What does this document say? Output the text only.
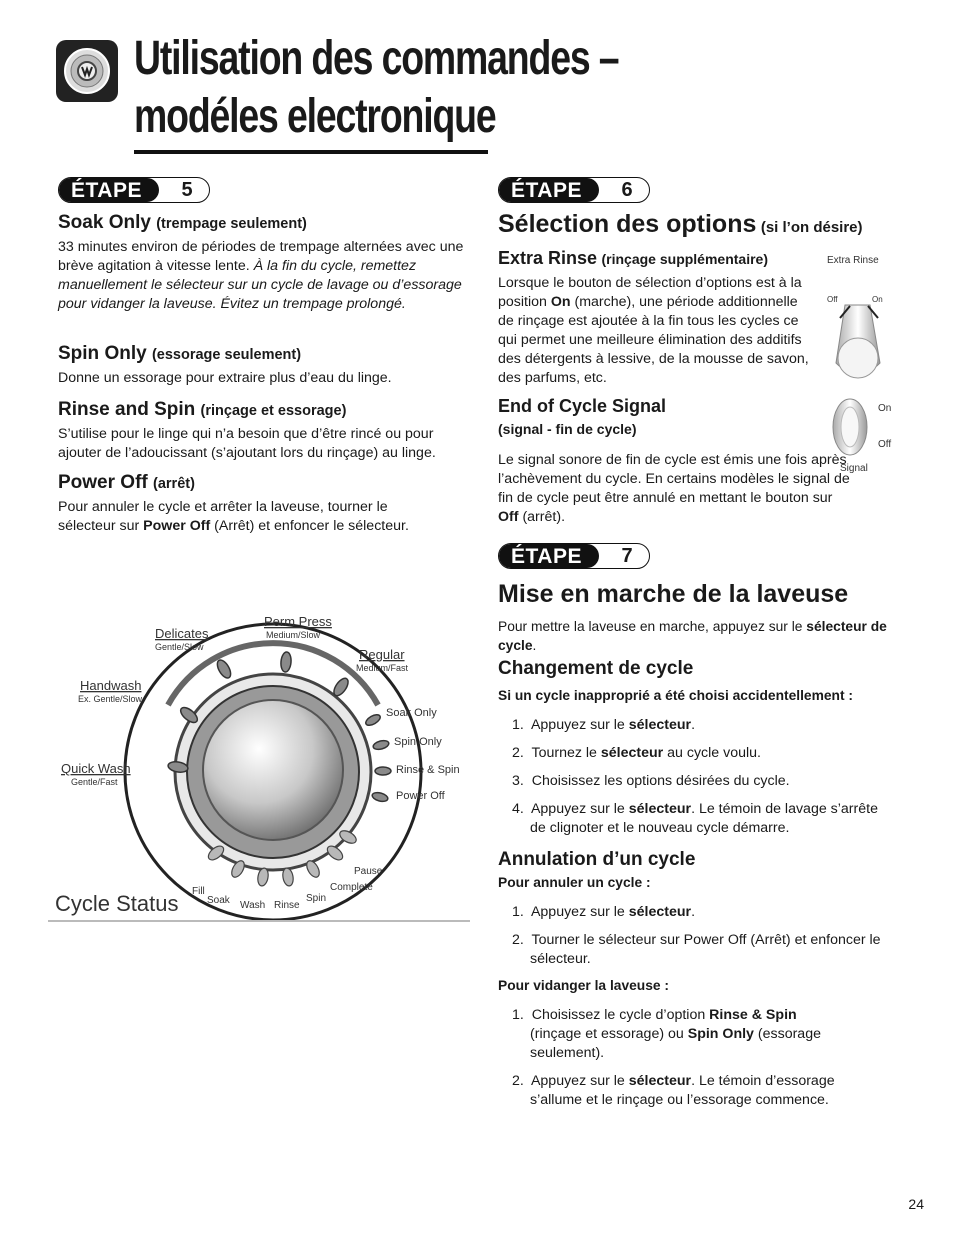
Utilisation des commandes –
modéles electronique
ÉTAPE	5
Soak Only (trempage seulement)

33 minutes environ de périodes de trempage alternées avec une brève agitation à vitesse lente. À la fin du cycle, remettez manuellement le sélecteur sur un cycle de lavage ou d’essorage pour vidanger la laveuse. Évitez un trempage prolongé.

Spin Only (essorage seulement)

Donne un essorage pour extraire plus d’eau du linge.

Rinse and Spin (rinçage et essorage)

S’utilise pour le linge qui n’a besoin que d’être rincé ou pour ajouter de l’adoucissant (s’ajoutant lors du rinçage) au linge.

Power Off (arrêt)

Pour annuler le cycle et arrêter la laveuse, tourner le sélecteur sur Power Off (Arrêt) et enfoncer le sélecteur.

Delicates
Gentle/Slow
Perm Press
Medium/Slow
Regular
Medium/Fast
Handwash
Ex. Gentle/Slow
Quick Wash
Gentle/Fast
Soak Only
Spin Only
Rinse & Spin
Power Off
Cycle Status Fill
Soak Wash Rinse
Spin
Complete
Pause
ÉTAPE	6
Sélection des options (si l’on désire)
Extra Rinse (rinçage supplémentaire)

Lorsque le bouton de sélection d’options est à la position On (marche), une période additionnelle de rinçage est ajoutée à la fin tous les cycles ce qui permet une meilleure élimination des additifs des détergents à lessive, de la mousse de savon, des parfums, etc.

Extra Rinse
Off	On
End of Cycle Signal
(signal - fin de cycle)

Le signal sonore de fin de cycle est émis une fois après l’achèvement du cycle. En certains modèles le signal de fin de cycle peut être annulé en mettant le bouton sur Off (arrêt).

On
Off
Signal
ÉTAPE	7
Mise en marche de la laveuse

Pour mettre la laveuse en marche, appuyez sur le sélecteur de cycle.

Changement de cycle
Si un cycle inapproprié a été choisi accidentellement :
1. Appuyez sur le sélecteur.
2. Tournez le sélecteur au cycle voulu.
3. Choisissez les options désirées du cycle.
4. Appuyez sur le sélecteur. Le témoin de lavage s’arrête de clignoter et le nouveau cycle démarre.
Annulation d’un cycle
Pour annuler un cycle :
1. Appuyez sur le sélecteur.
2. Tourner le sélecteur sur Power Off (Arrêt) et enfoncer le sélecteur.
Pour vidanger la laveuse :
1. Choisissez le cycle d’option Rinse & Spin (rinçage et essorage) ou Spin Only (essorage seulement).
2. Appuyez sur le sélecteur. Le témoin d’essorage s’allume et le rinçage ou l’essorage commence.
24
